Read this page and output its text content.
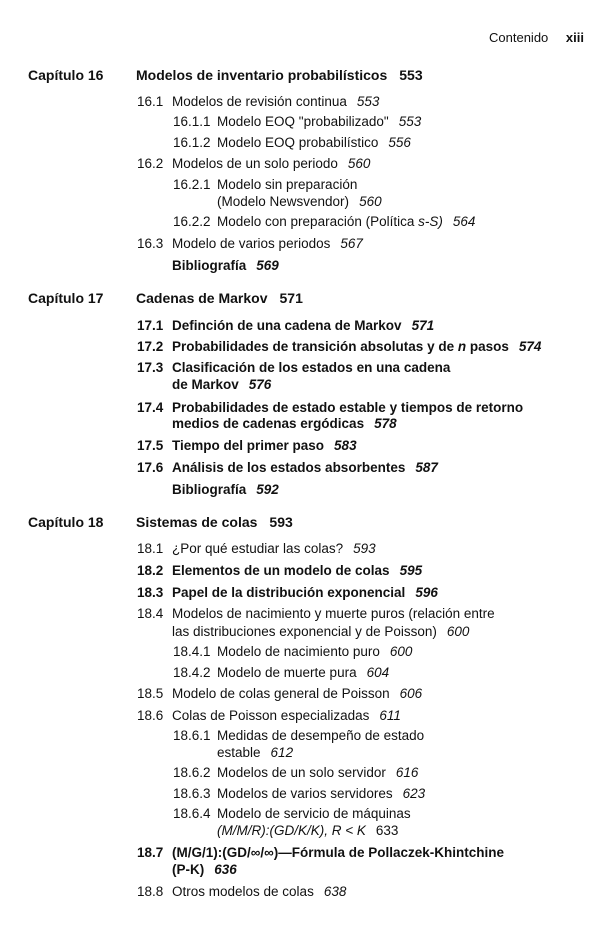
Contenido xiii
Capítulo 16 Modelos de inventario probabilísticos 553
16.1 Modelos de revisión continua 553
16.1.1 Modelo EOQ "probabilizado" 553
16.1.2 Modelo EOQ probabilístico 556
16.2 Modelos de un solo periodo 560
16.2.1 Modelo sin preparación
(Modelo Newsvendor) 560
16.2.2 Modelo con preparación (Política s-S) 564
16.3 Modelo de varios periodos 567
Bibliografía 569
Capítulo 17 Cadenas de Markov 571
17.1 Definción de una cadena de Markov 571
17.2 Probabilidades de transición absolutas y de n pasos 574
17.3 Clasificación de los estados en una cadena
de Markov 576
17.4 Probabilidades de estado estable y tiempos de retorno
medios de cadenas ergódicas 578
17.5 Tiempo del primer paso 583
17.6 Análisis de los estados absorbentes 587
Bibliografía 592
Capítulo 18 Sistemas de colas 593
18.1 ¿Por qué estudiar las colas? 593
18.2 Elementos de un modelo de colas 595
18.3 Papel de la distribución exponencial 596
18.4 Modelos de nacimiento y muerte puros (relación entre
las distribuciones exponencial y de Poisson) 600
18.4.1 Modelo de nacimiento puro 600
18.4.2 Modelo de muerte pura 604
18.5 Modelo de colas general de Poisson 606
18.6 Colas de Poisson especializadas 611
18.6.1 Medidas de desempeño de estado
estable 612
18.6.2 Modelos de un solo servidor 616
18.6.3 Modelos de varios servidores 623
18.6.4 Modelo de servicio de máquinas
(M/M/R):(GD/K/K), R < K 633
18.7 (M/G/1):(GD/∞/∞)—Fórmula de Pollaczek-Khintchine
(P-K) 636
18.8 Otros modelos de colas 638
